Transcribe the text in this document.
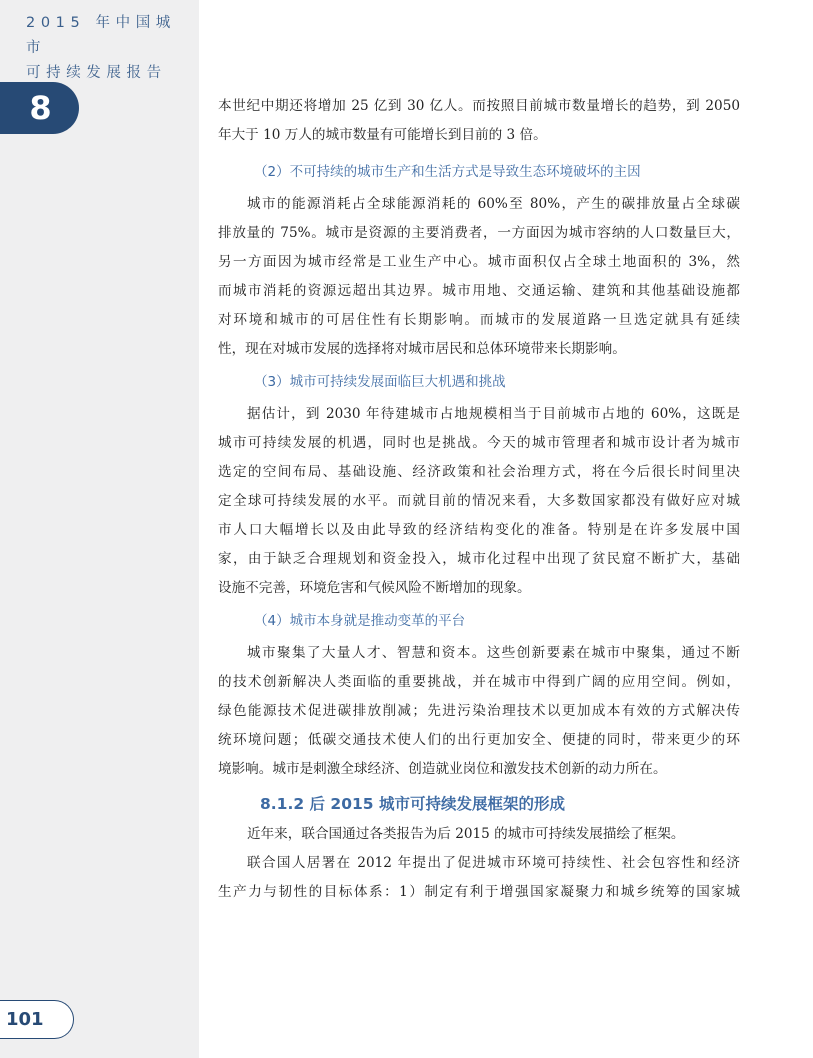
2015 年中国城市
可持续发展报告
8
101
本世纪中期还将增加 25 亿到 30 亿人。而按照目前城市数量增长的趋势，到 2050
年大于 10 万人的城市数量有可能增长到目前的 3 倍。
（2）不可持续的城市生产和生活方式是导致生态环境破坏的主因
城市的能源消耗占全球能源消耗的 60%至 80%，产生的碳排放量占全球碳
排放量的 75%。城市是资源的主要消费者，一方面因为城市容纳的人口数量巨大，
另一方面因为城市经常是工业生产中心。城市面积仅占全球土地面积的 3%，然
而城市消耗的资源远超出其边界。城市用地、交通运输、建筑和其他基础设施都
对环境和城市的可居住性有长期影响。而城市的发展道路一旦选定就具有延续
性，现在对城市发展的选择将对城市居民和总体环境带来长期影响。
（3）城市可持续发展面临巨大机遇和挑战
据估计，到 2030 年待建城市占地规模相当于目前城市占地的 60%，这既是
城市可持续发展的机遇，同时也是挑战。今天的城市管理者和城市设计者为城市
选定的空间布局、基础设施、经济政策和社会治理方式，将在今后很长时间里决
定全球可持续发展的水平。而就目前的情况来看，大多数国家都没有做好应对城
市人口大幅增长以及由此导致的经济结构变化的准备。特别是在许多发展中国
家，由于缺乏合理规划和资金投入，城市化过程中出现了贫民窟不断扩大，基础
设施不完善，环境危害和气候风险不断增加的现象。
（4）城市本身就是推动变革的平台
城市聚集了大量人才、智慧和资本。这些创新要素在城市中聚集，通过不断
的技术创新解决人类面临的重要挑战，并在城市中得到广阔的应用空间。例如，
绿色能源技术促进碳排放削减；先进污染治理技术以更加成本有效的方式解决传
统环境问题；低碳交通技术使人们的出行更加安全、便捷的同时，带来更少的环
境影响。城市是刺激全球经济、创造就业岗位和激发技术创新的动力所在。
8.1.2 后 2015 城市可持续发展框架的形成
近年来，联合国通过各类报告为后 2015 的城市可持续发展描绘了框架。
联合国人居署在 2012 年提出了促进城市环境可持续性、社会包容性和经济
生产力与韧性的目标体系：1）制定有利于增强国家凝聚力和城乡统筹的国家城
